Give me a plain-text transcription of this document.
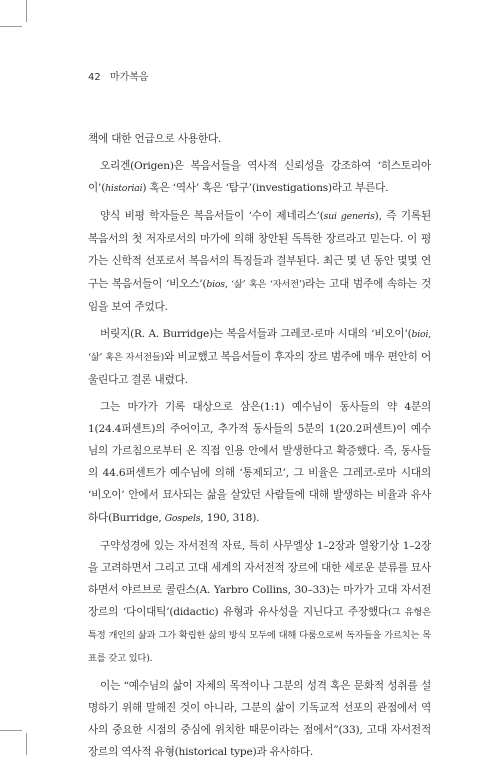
42 마가복음

책에 대한 언급으로 사용한다.

오리겐(Origen)은 복음서들을 역사적 신뢰성을 강조하여 ‘히스토리아이’(historiai) 혹은 ‘역사’ 혹은 ‘탐구’(investigations)라고 부른다.

양식 비평 학자들은 복음서들이 ‘수이 제네리스’(sui generis), 즉 기록된 복음서의 첫 저자로서의 마가에 의해 창안된 독특한 장르라고 믿는다. 이 평가는 신학적 선포로서 복음서의 특징들과 결부된다. 최근 몇 년 동안 몇몇 연구는 복음서들이 ‘비오스’(bios, ‘삶’ 혹은 ‘자서전’)라는 고대 범주에 속하는 것임을 보여 주었다.

버릿지(R. A. Burridge)는 복음서들과 그레코-로마 시대의 ‘비오이’(bioi, ‘삶’ 혹은 자서전들)와 비교했고 복음서들이 후자의 장르 범주에 매우 편안히 어울린다고 결론 내렸다.

그는 마가가 기록 대상으로 삼은(1:1) 예수님이 동사들의 약 4분의 1(24.4퍼센트)의 주어이고, 추가적 동사들의 5분의 1(20.2퍼센트)이 예수님의 가르침으로부터 온 직접 인용 안에서 발생한다고 확증했다. 즉, 동사들의 44.6퍼센트가 예수님에 의해 ‘통제되고’, 그 비율은 그레코-로마 시대의 ‘비오이’ 안에서 묘사되는 삶을 살았던 사람들에 대해 발생하는 비율과 유사하다(Burridge, Gospels, 190, 318).

구약성경에 있는 자서전적 자료, 특히 사무엘상 1–2장과 열왕기상 1–2장을 고려하면서 그리고 고대 세계의 자서전적 장르에 대한 세로운 분류를 묘사하면서 야르브로 콜린스(A. Yarbro Collins, 30–33)는 마가가 고대 자서전 장르의 ‘다이대틱’(didactic) 유형과 유사성을 지닌다고 주장했다(그 유형은 특정 개인의 삶과 그가 확립한 삶의 방식 모두에 대해 다룸으로써 독자들을 가르치는 목표를 갖고 있다).

이는 “예수님의 삶이 자체의 목적이나 그분의 성격 혹은 문화적 성취를 설명하기 위해 말해진 것이 아니라, 그분의 삶이 기독교적 선포의 관점에서 역사의 중요한 시점의 중심에 위치한 때문이라는 점에서”(33), 고대 자서전적 장르의 역사적 유형(historical type)과 유사하다.
